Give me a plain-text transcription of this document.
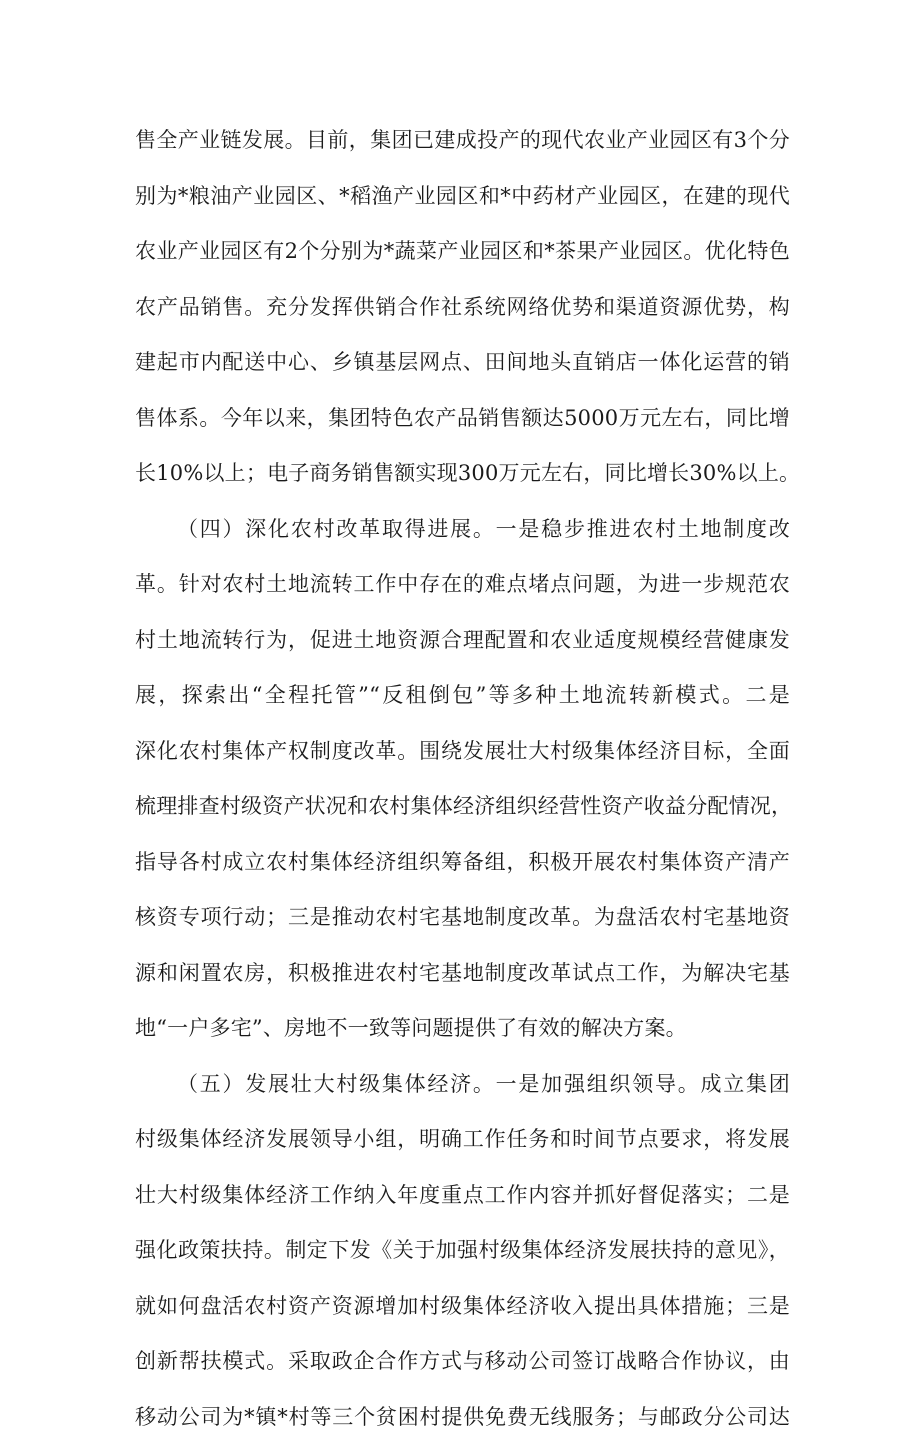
售全产业链发展。目前，集团已建成投产的现代农业产业园区有3个分
别为*粮油产业园区、*稻渔产业园区和*中药材产业园区，在建的现代
农业产业园区有2个分别为*蔬菜产业园区和*茶果产业园区。优化特色
农产品销售。充分发挥供销合作社系统网络优势和渠道资源优势，构
建起市内配送中心、乡镇基层网点、田间地头直销店一体化运营的销
售体系。今年以来，集团特色农产品销售额达5000万元左右，同比增
长10%以上；电子商务销售额实现300万元左右，同比增长30%以上。
（四）深化农村改革取得进展。一是稳步推进农村土地制度改
革。针对农村土地流转工作中存在的难点堵点问题，为进一步规范农
村土地流转行为，促进土地资源合理配置和农业适度规模经营健康发
展，探索出“全程托管”“反租倒包”等多种土地流转新模式。二是
深化农村集体产权制度改革。围绕发展壮大村级集体经济目标，全面
梳理排查村级资产状况和农村集体经济组织经营性资产收益分配情况，
指导各村成立农村集体经济组织筹备组，积极开展农村集体资产清产
核资专项行动；三是推动农村宅基地制度改革。为盘活农村宅基地资
源和闲置农房，积极推进农村宅基地制度改革试点工作，为解决宅基
地“一户多宅”、房地不一致等问题提供了有效的解决方案。
（五）发展壮大村级集体经济。一是加强组织领导。成立集团
村级集体经济发展领导小组，明确工作任务和时间节点要求，将发展
壮大村级集体经济工作纳入年度重点工作内容并抓好督促落实；二是
强化政策扶持。制定下发《关于加强村级集体经济发展扶持的意见》，
就如何盘活农村资产资源增加村级集体经济收入提出具体措施；三是
创新帮扶模式。采取政企合作方式与移动公司签订战略合作协议，由
移动公司为*镇*村等三个贫困村提供免费无线服务；与邮政分公司达
